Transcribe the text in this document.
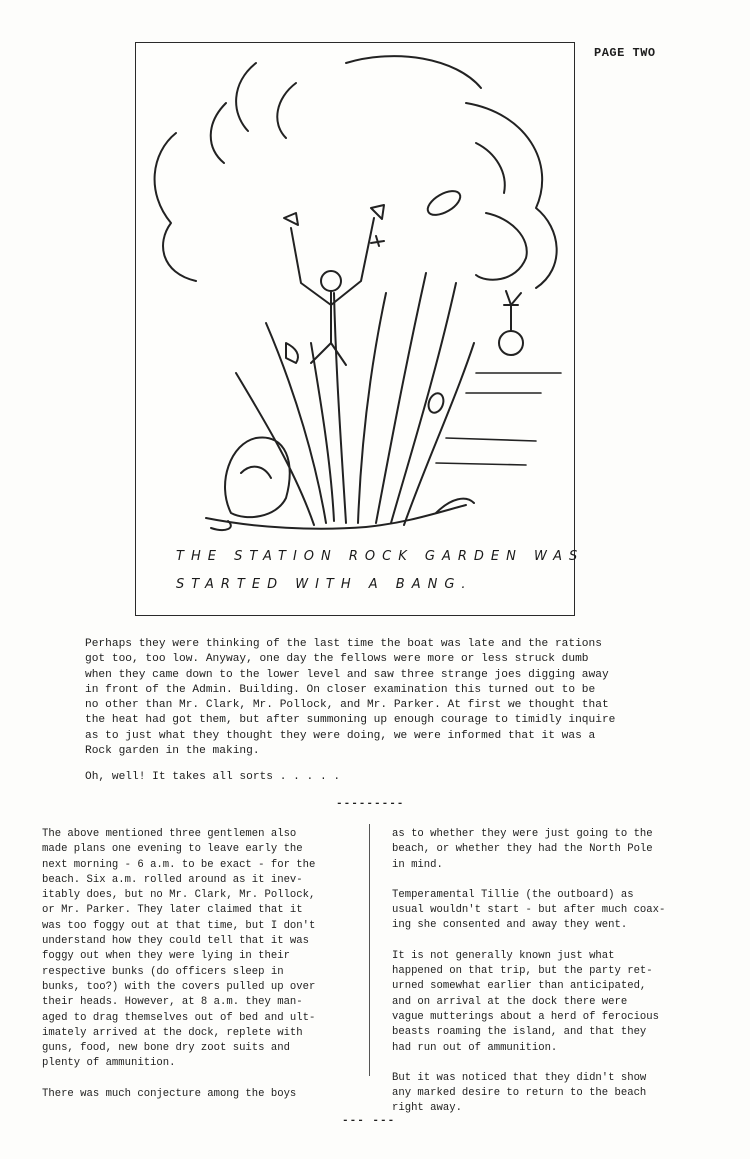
PAGE TWO
THE STATION ROCK GARDEN WAS
STARTED WITH A BANG.
Perhaps they were thinking of the last time the boat was late and the rations
got too, too low. Anyway, one day the fellows were more or less struck dumb
when they came down to the lower level and saw three strange joes digging away
in front of the Admin. Building. On closer examination this turned out to be
no other than Mr. Clark, Mr. Pollock, and Mr. Parker. At first we thought that
the heat had got them, but after summoning up enough courage to timidly inquire
as to just what they thought they were doing, we were informed that it was a
Rock garden in the making.
Oh, well! It takes all sorts . . . . .
---------
The above mentioned three gentlemen also
made plans one evening to leave early the
next morning - 6 a.m. to be exact - for the
beach. Six a.m. rolled around as it inev-
itably does, but no Mr. Clark, Mr. Pollock,
or Mr. Parker. They later claimed that it
was too foggy out at that time, but I don't
understand how they could tell that it was
foggy out when they were lying in their
respective bunks (do officers sleep in
bunks, too?) with the covers pulled up over
their heads. However, at 8 a.m. they man-
aged to drag themselves out of bed and ult-
imately arrived at the dock, replete with
guns, food, new bone dry zoot suits and
plenty of ammunition.

There was much conjecture among the boys

as to whether they were just going to the
beach, or whether they had the North Pole
in mind.

Temperamental Tillie (the outboard) as
usual wouldn't start - but after much coax-
ing she consented and away they went.

It is not generally known just what
happened on that trip, but the party ret-
urned somewhat earlier than anticipated,
and on arrival at the dock there were
vague mutterings about a herd of ferocious
beasts roaming the island, and that they
had run out of ammunition.

But it was noticed that they didn't show
any marked desire to return to the beach
right away.

--- ---
